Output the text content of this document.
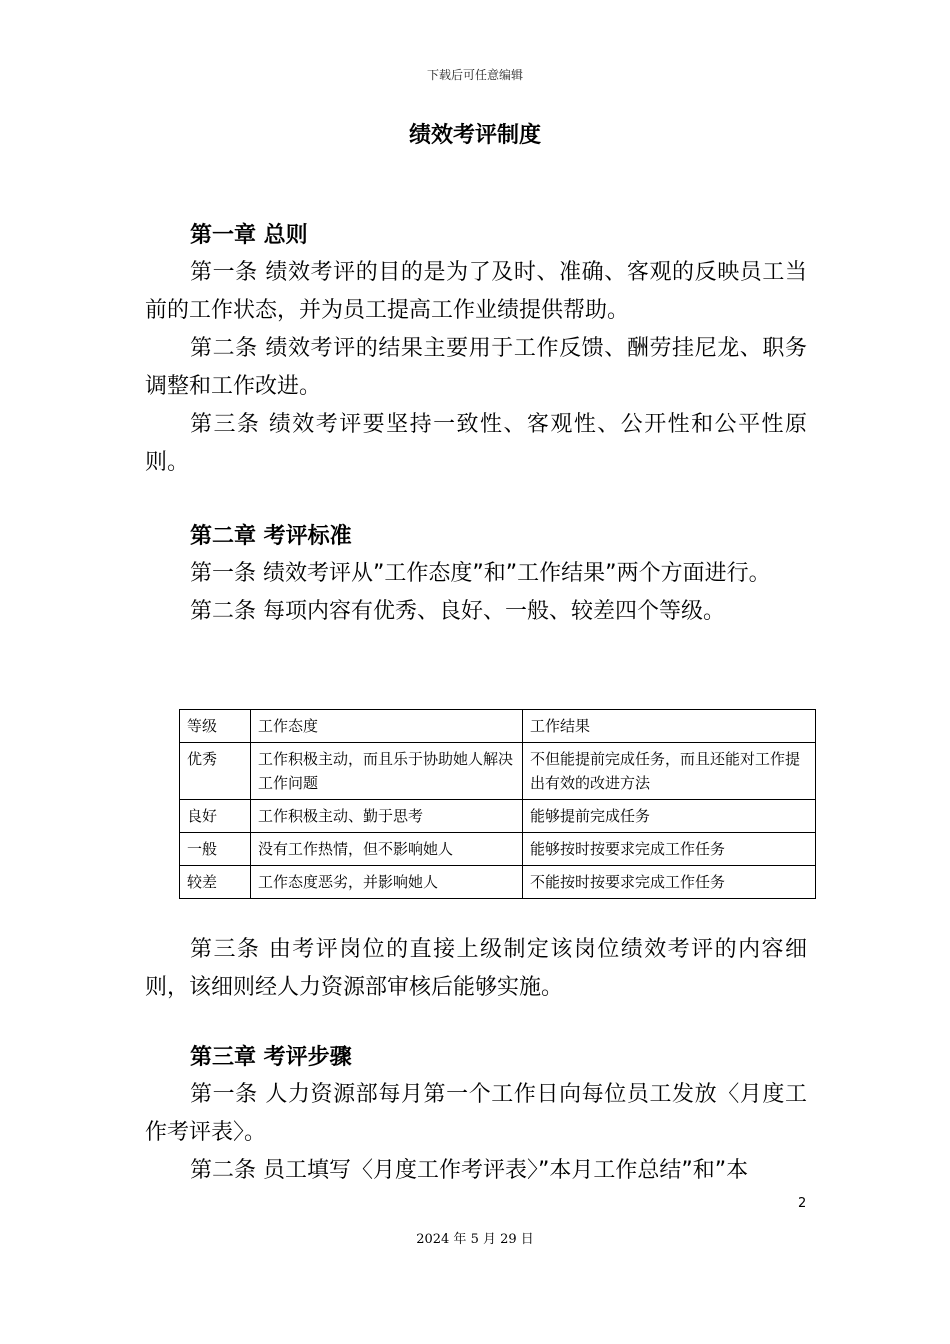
下载后可任意编辑
绩效考评制度

第一章 总则

第一条 绩效考评的目的是为了及时、准确、客观的反映员工当前的工作状态，并为员工提高工作业绩提供帮助。

第二条 绩效考评的结果主要用于工作反馈、酬劳挂尼龙、职务调整和工作改进。

第三条 绩效考评要坚持一致性、客观性、公开性和公平性原则。

第二章 考评标准

第一条 绩效考评从”工作态度”和”工作结果”两个方面进行。

第二条 每项内容有优秀、良好、一般、较差四个等级。

等级	工作态度	工作结果
优秀	工作积极主动，而且乐于协助她人解决工作问题	不但能提前完成任务，而且还能对工作提出有效的改进方法
良好	工作积极主动、勤于思考	能够提前完成任务
一般	没有工作热情，但不影响她人	能够按时按要求完成工作任务
较差	工作态度恶劣，并影响她人	不能按时按要求完成工作任务

第三条 由考评岗位的直接上级制定该岗位绩效考评的内容细则，该细则经人力资源部审核后能够实施。

第三章 考评步骤

第一条 人力资源部每月第一个工作日向每位员工发放〈月度工作考评表〉。

第二条 员工填写〈月度工作考评表〉”本月工作总结”和”本

2
2024 年 5 月 29 日
